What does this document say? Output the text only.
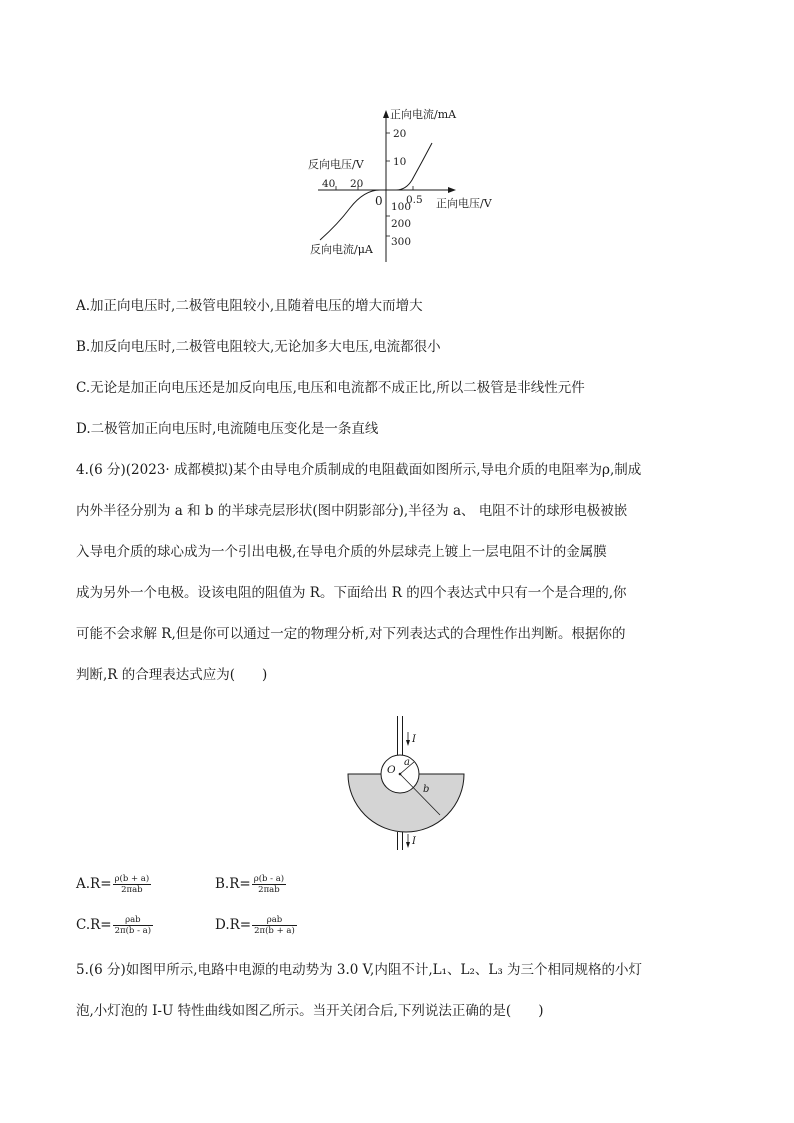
正向电流/mA
20
10
反向电压/V
40 20
0 0.5 正向电压/V
100
200
300
反向电流/μA
A.加正向电压时,二极管电阻较小,且随着电压的增大而增大
B.加反向电压时,二极管电阻较大,无论加多大电压,电流都很小
C.无论是加正向电压还是加反向电压,电压和电流都不成正比,所以二极管是非线性元件
D.二极管加正向电压时,电流随电压变化是一条直线
4.(6 分)(2023· 成都模拟)某个由导电介质制成的电阻截面如图所示,导电介质的电阻率为ρ,制成
内外半径分别为 a 和 b 的半球壳层形状(图中阴影部分),半径为 a、 电阻不计的球形电极被嵌
入导电介质的球心成为一个引出电极,在导电介质的外层球壳上镀上一层电阻不计的金属膜
成为另外一个电极。设该电阻的阻值为 R。下面给出 R 的四个表达式中只有一个是合理的,你
可能不会求解 R,但是你可以通过一定的物理分析,对下列表达式的合理性作出判断。根据你的
判断,R 的合理表达式应为(　　)
I
I
O
a
b
$A.R= \frac{\rho(b + a)}{\text{2πab}}$	$B.R= \frac{\rho(b - a)}{\text{2πab}}$
$C.R= \frac{\text{ρab}}{2\pi(b - a)}$	$D.R= \frac{\text{ρab}}{2\pi(b + a)}$
5.(6 分)如图甲所示,电路中电源的电动势为 3.0 V,内阻不计,L₁、L₂、L₃ 为三个相同规格的小灯
泡,小灯泡的 I-U 特性曲线如图乙所示。当开关闭合后,下列说法正确的是(　　)
